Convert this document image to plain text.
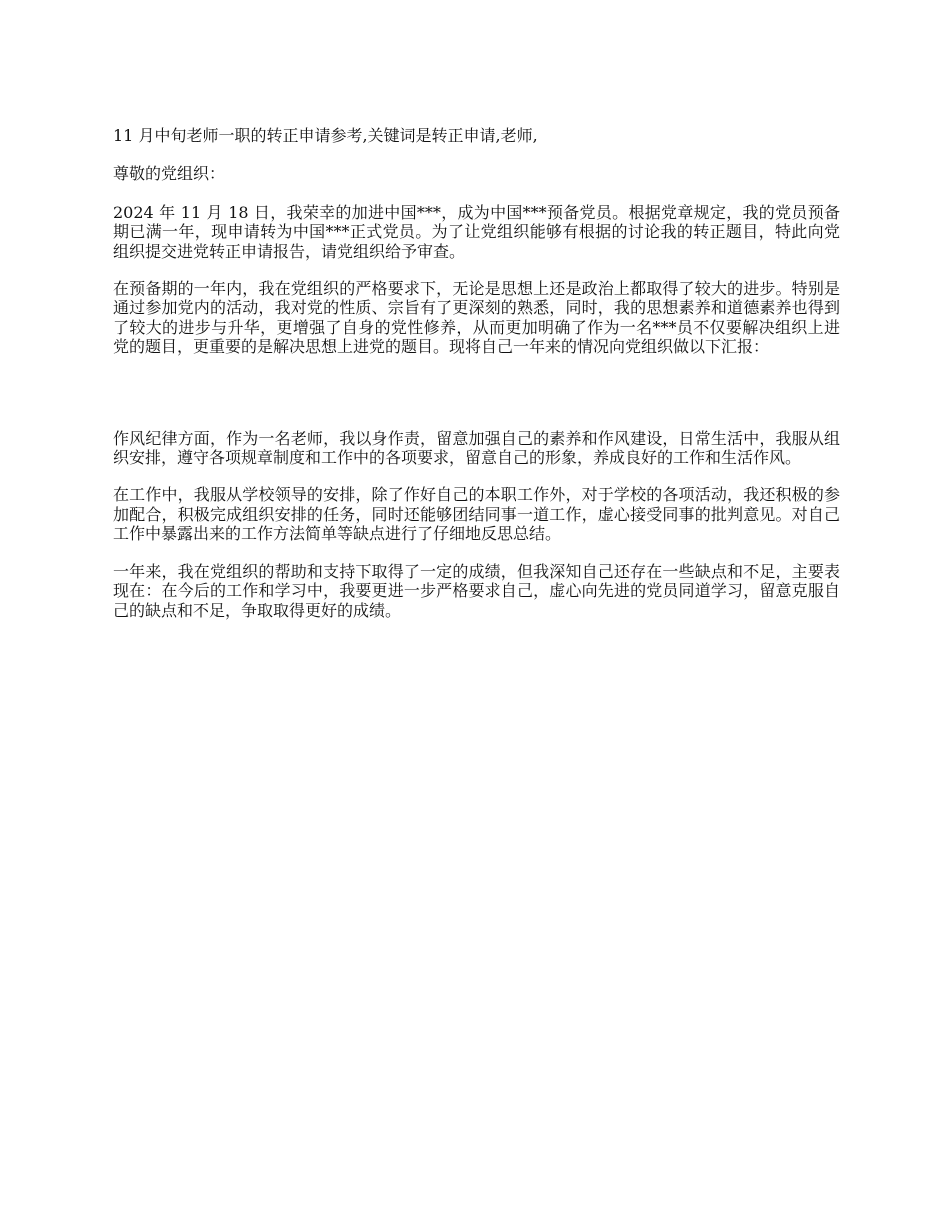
11 月中旬老师一职的转正申请参考,关键词是转正申请,老师,
尊敬的党组织：

2024 年 11 月 18 日，我荣幸的加进中国***，成为中国***预备党员。根据党章规定，我的党员预备期已满一年，现申请转为中国***正式党员。为了让党组织能够有根据的讨论我的转正题目，特此向党组织提交进党转正申请报告，请党组织给予审查。

在预备期的一年内，我在党组织的严格要求下，无论是思想上还是政治上都取得了较大的进步。特别是通过参加党内的活动，我对党的性质、宗旨有了更深刻的熟悉，同时，我的思想素养和道德素养也得到了较大的进步与升华，更增强了自身的党性修养，从而更加明确了作为一名***员不仅要解决组织上进党的题目，更重要的是解决思想上进党的题目。现将自己一年来的情况向党组织做以下汇报：

作风纪律方面，作为一名老师，我以身作责，留意加强自己的素养和作风建设，日常生活中，我服从组织安排，遵守各项规章制度和工作中的各项要求，留意自己的形象，养成良好的工作和生活作风。

在工作中，我服从学校领导的安排，除了作好自己的本职工作外，对于学校的各项活动，我还积极的参加配合，积极完成组织安排的任务，同时还能够团结同事一道工作，虚心接受同事的批判意见。对自己工作中暴露出来的工作方法简单等缺点进行了仔细地反思总结。

一年来，我在党组织的帮助和支持下取得了一定的成绩，但我深知自己还存在一些缺点和不足，主要表现在：在今后的工作和学习中，我要更进一步严格要求自己，虚心向先进的党员同道学习，留意克服自己的缺点和不足，争取取得更好的成绩。
